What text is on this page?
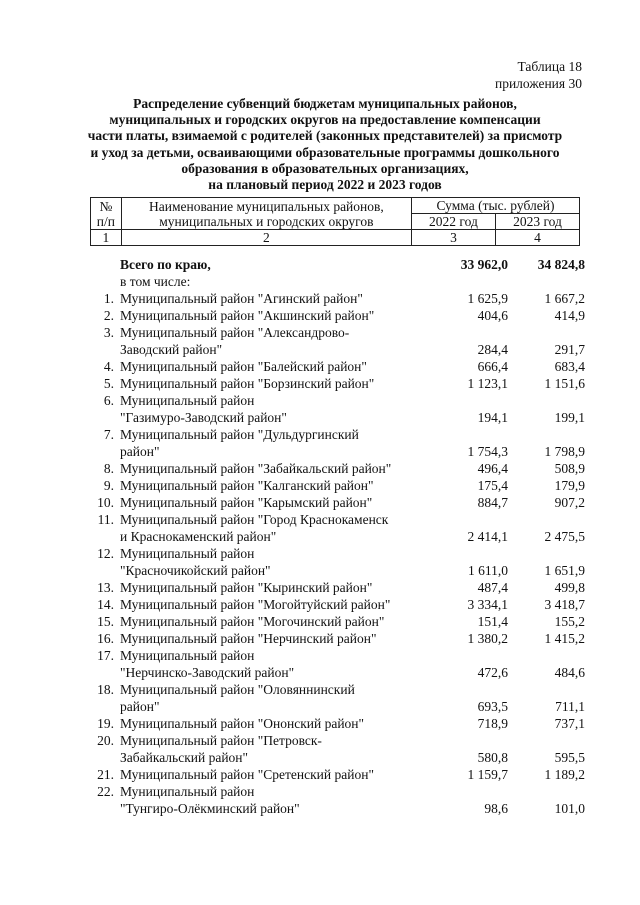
Таблица 18
приложения 30
Распределение субвенций бюджетам муниципальных районов,
муниципальных и городских округов на предоставление компенсации
части платы, взимаемой с родителей (законных представителей) за присмотр
и уход за детьми, осваивающими образовательные программы дошкольного
образования в образовательных организациях,
на плановый период 2022 и 2023 годов
№ п/п	Наименование муниципальных районов, муниципальных и городских округов	Сумма (тыс. рублей)	
		2022 год	2023 год
1	2	3	4
Всего по краю,	33 962,0	34 824,8
в том числе:
1. Муниципальный район "Агинский район"	1 625,9	1 667,2
2. Муниципальный район "Акшинский район"	404,6	414,9
3. Муниципальный район "Александрово-
Заводский район"	284,4	291,7
4. Муниципальный район "Балейский район"	666,4	683,4
5. Муниципальный район "Борзинский район"	1 123,1	1 151,6
6. Муниципальный район
"Газимуро-Заводский район"	194,1	199,1
7. Муниципальный район "Дульдургинский
район"	1 754,3	1 798,9
8. Муниципальный район "Забайкальский район"	496,4	508,9
9. Муниципальный район "Калганский район"	175,4	179,9
10. Муниципальный район "Карымский район"	884,7	907,2
11. Муниципальный район "Город Краснокаменск
и Краснокаменский район"	2 414,1	2 475,5
12. Муниципальный район
"Красночикойский район"	1 611,0	1 651,9
13. Муниципальный район "Кыринский район"	487,4	499,8
14. Муниципальный район "Могойтуйский район"	3 334,1	3 418,7
15. Муниципальный район "Могочинский район"	151,4	155,2
16. Муниципальный район "Нерчинский район"	1 380,2	1 415,2
17. Муниципальный район
"Нерчинско-Заводский район"	472,6	484,6
18. Муниципальный район "Оловяннинский
район"	693,5	711,1
19. Муниципальный район "Ононский район"	718,9	737,1
20. Муниципальный район "Петровск-
Забайкальский район"	580,8	595,5
21. Муниципальный район "Сретенский район"	1 159,7	1 189,2
22. Муниципальный район
"Тунгиро-Олёкминский район"	98,6	101,0
